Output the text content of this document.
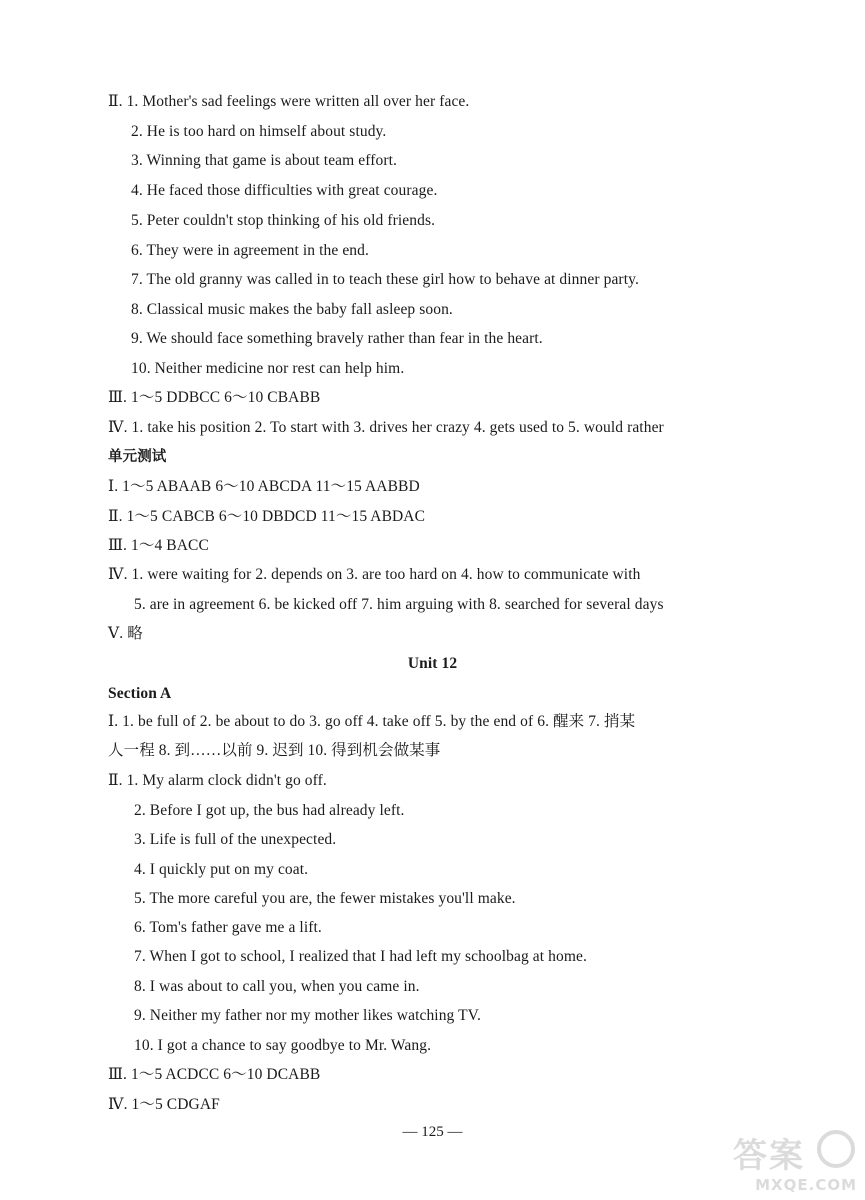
Ⅱ. 1. Mother's sad feelings were written all over her face.
2. He is too hard on himself about study.
3. Winning that game is about team effort.
4. He faced those difficulties with great courage.
5. Peter couldn't stop thinking of his old friends.
6. They were in agreement in the end.
7. The old granny was called in to teach these girl how to behave at dinner party.
8. Classical music makes the baby fall asleep soon.
9. We should face something bravely rather than fear in the heart.
10. Neither medicine nor rest can help him.
Ⅲ. 1～5 DDBCC 6～10 CBABB
Ⅳ. 1. take his position 2. To start with 3. drives her crazy 4. gets used to 5. would rather
单元测试
Ⅰ. 1～5 ABAAB 6～10 ABCDA 11～15 AABBD
Ⅱ. 1～5 CABCB 6～10 DBDCD 11～15 ABDAC
Ⅲ. 1～4 BACC
Ⅳ. 1. were waiting for 2. depends on 3. are too hard on 4. how to communicate with
5. are in agreement 6. be kicked off 7. him arguing with 8. searched for several days
Ⅴ. 略
Unit 12
Section A
Ⅰ. 1. be full of 2. be about to do 3. go off 4. take off 5. by the end of 6. 醒来 7. 捎某
人一程 8. 到……以前 9. 迟到 10. 得到机会做某事
Ⅱ. 1. My alarm clock didn't go off.
2. Before I got up, the bus had already left.
3. Life is full of the unexpected.
4. I quickly put on my coat.
5. The more careful you are, the fewer mistakes you'll make.
6. Tom's father gave me a lift.
7. When I got to school, I realized that I had left my schoolbag at home.
8. I was about to call you, when you came in.
9. Neither my father nor my mother likes watching TV.
10. I got a chance to say goodbye to Mr. Wang.
Ⅲ. 1～5 ACDCC 6～10 DCABB
Ⅳ. 1～5 CDGAF
— 125 —
答案
MXQE.COM
